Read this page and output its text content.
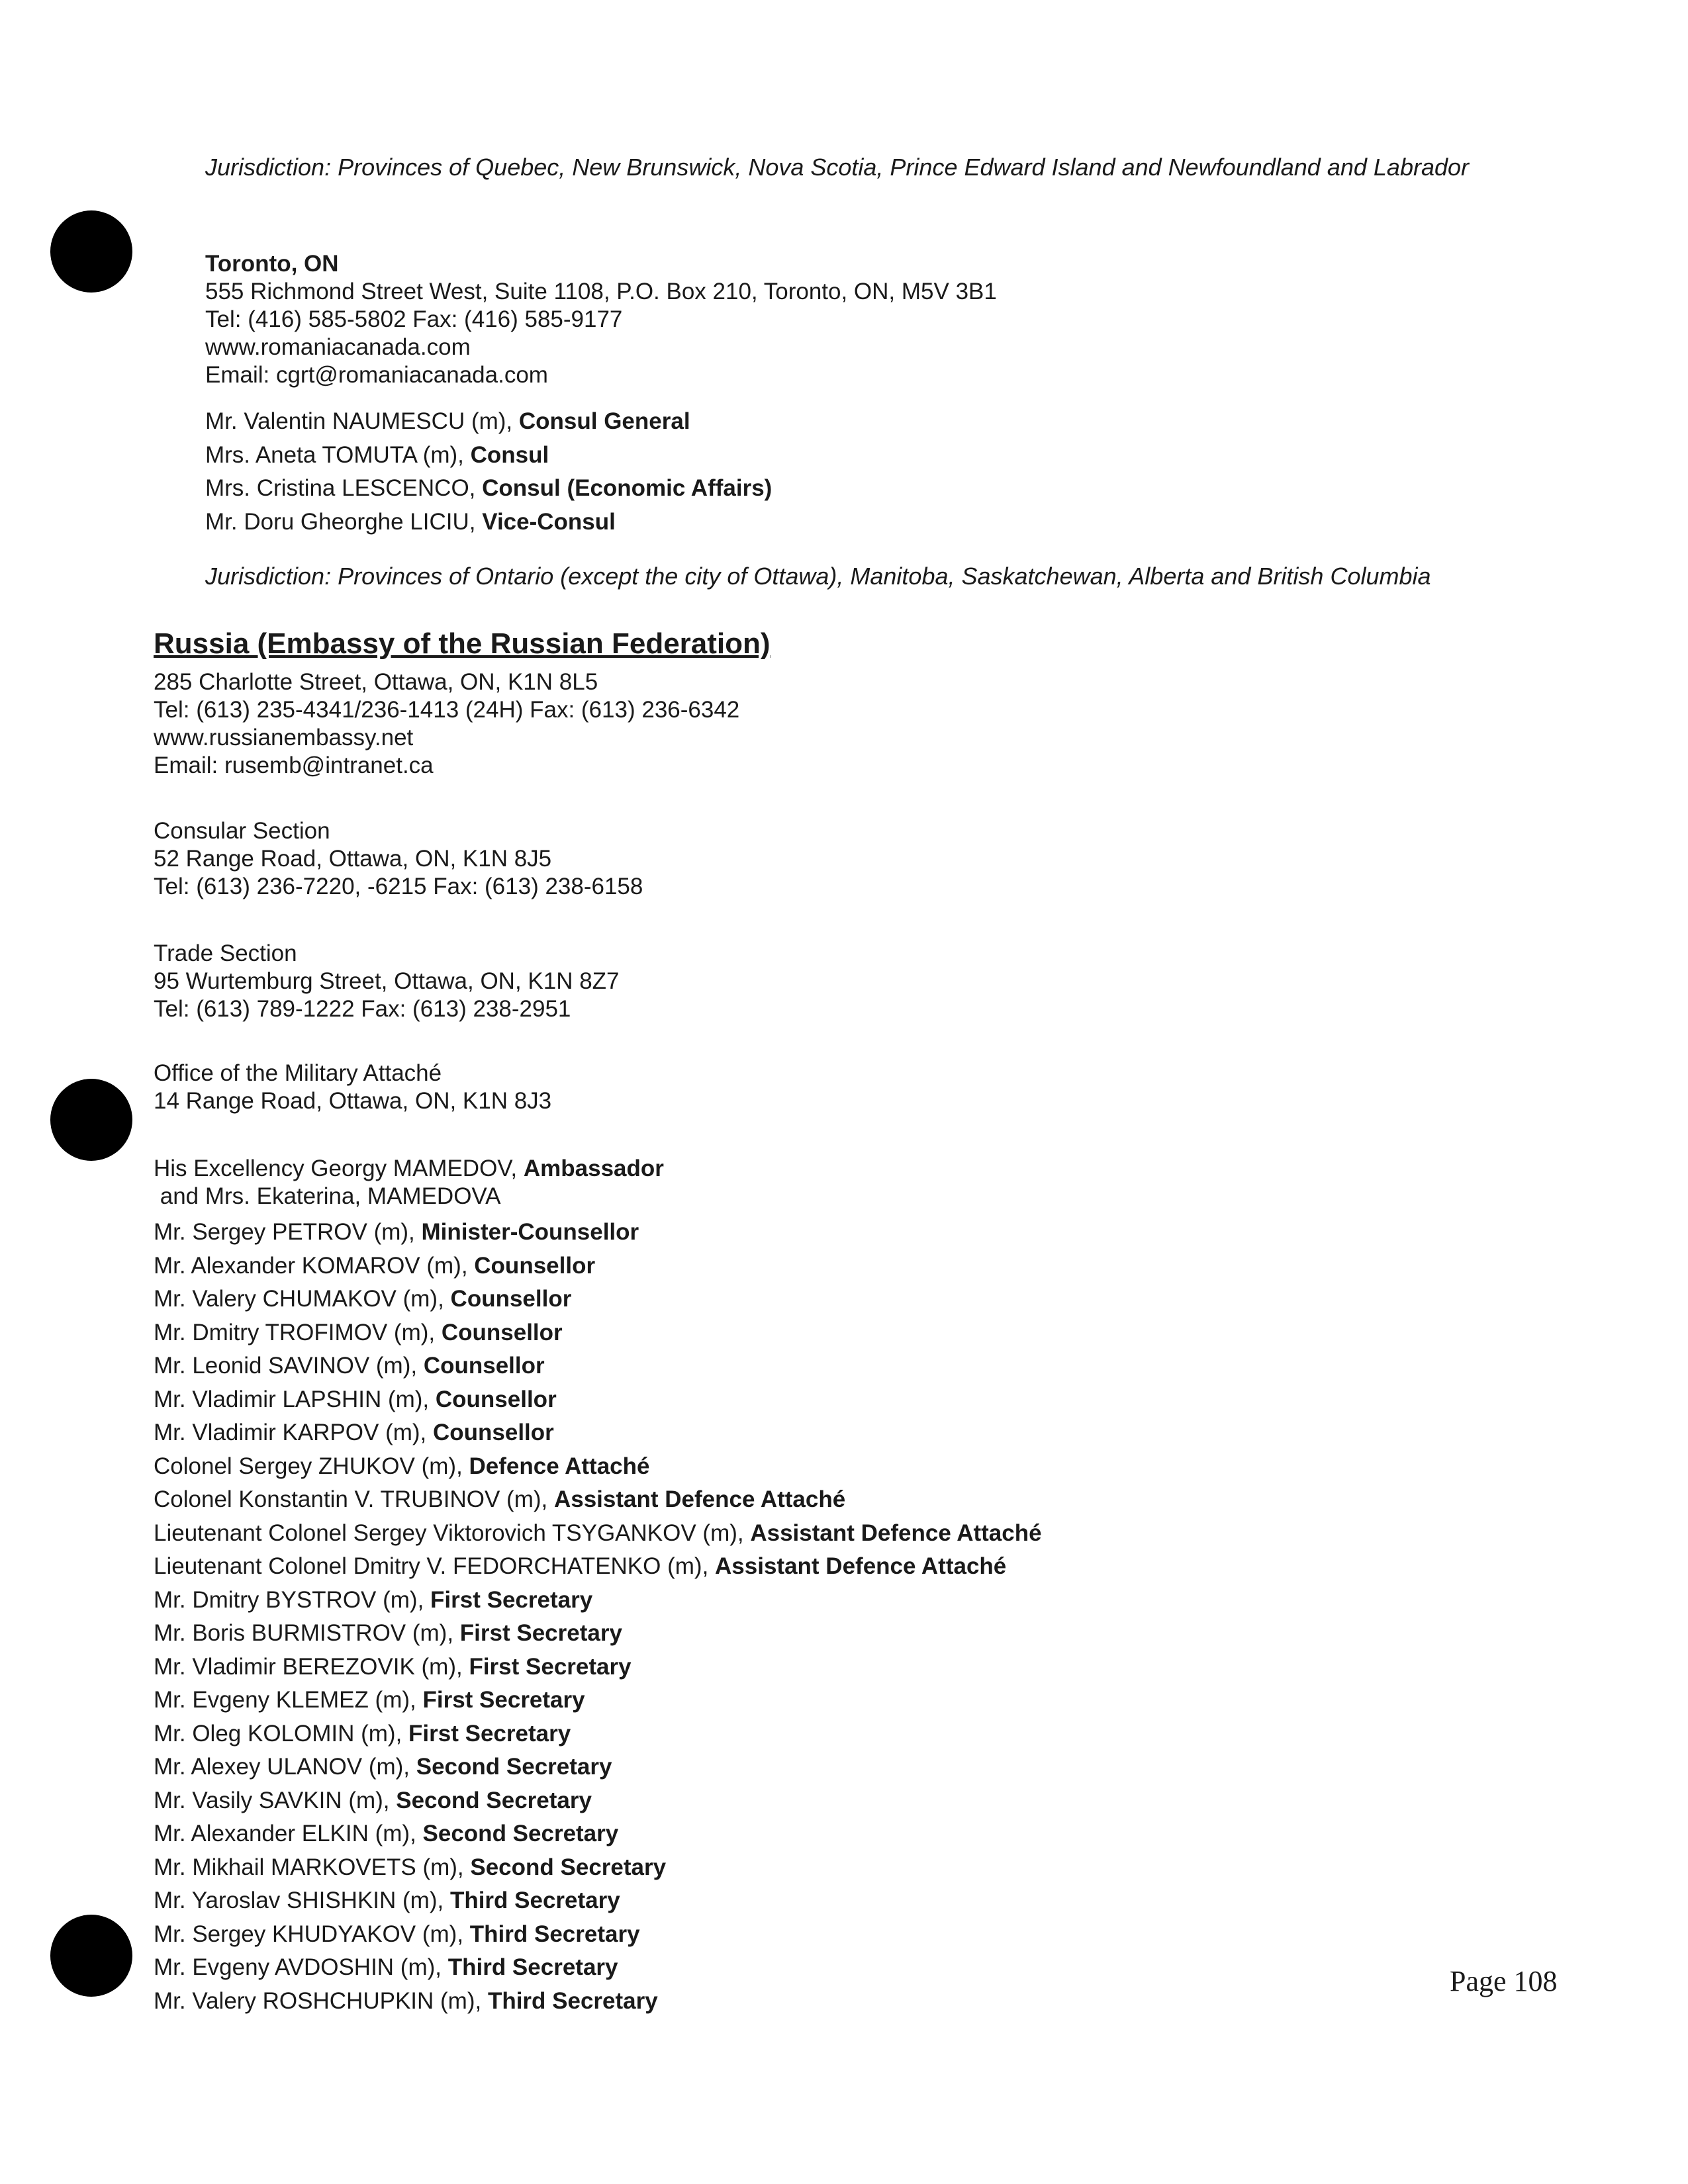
Jurisdiction: Provinces of Quebec, New Brunswick, Nova Scotia, Prince Edward Island and Newfoundland and Labrador
Toronto, ON
555 Richmond Street West, Suite 1108, P.O. Box 210, Toronto, ON, M5V 3B1
Tel: (416) 585-5802 Fax: (416) 585-9177
www.romaniacanada.com
Email: cgrt@romaniacanada.com
Mr. Valentin NAUMESCU (m), Consul General
Mrs. Aneta TOMUTA (m), Consul
Mrs. Cristina LESCENCO, Consul (Economic Affairs)
Mr. Doru Gheorghe LICIU, Vice-Consul
Jurisdiction: Provinces of Ontario (except the city of Ottawa), Manitoba, Saskatchewan, Alberta and British Columbia
Russia (Embassy of the Russian Federation)
285 Charlotte Street, Ottawa, ON, K1N 8L5
Tel: (613) 235-4341/236-1413 (24H) Fax: (613) 236-6342
www.russianembassy.net
Email: rusemb@intranet.ca
Consular Section
52 Range Road, Ottawa, ON, K1N 8J5
Tel: (613) 236-7220, -6215 Fax: (613) 238-6158
Trade Section
95 Wurtemburg Street, Ottawa, ON, K1N 8Z7
Tel: (613) 789-1222 Fax: (613) 238-2951
Office of the Military Attaché
14 Range Road, Ottawa, ON, K1N 8J3
His Excellency Georgy MAMEDOV, Ambassador
and Mrs. Ekaterina, MAMEDOVA
Mr. Sergey PETROV (m), Minister-Counsellor
Mr. Alexander KOMAROV (m), Counsellor
Mr. Valery CHUMAKOV (m), Counsellor
Mr. Dmitry TROFIMOV (m), Counsellor
Mr. Leonid SAVINOV (m), Counsellor
Mr. Vladimir LAPSHIN (m), Counsellor
Mr. Vladimir KARPOV (m), Counsellor
Colonel Sergey ZHUKOV (m), Defence Attaché
Colonel Konstantin V. TRUBINOV (m), Assistant Defence Attaché
Lieutenant Colonel Sergey Viktorovich TSYGANKOV (m), Assistant Defence Attaché
Lieutenant Colonel Dmitry V. FEDORCHATENKO (m), Assistant Defence Attaché
Mr. Dmitry BYSTROV (m), First Secretary
Mr. Boris BURMISTROV (m), First Secretary
Mr. Vladimir BEREZOVIK (m), First Secretary
Mr. Evgeny KLEMEZ (m), First Secretary
Mr. Oleg KOLOMIN (m), First Secretary
Mr. Alexey ULANOV (m), Second Secretary
Mr. Vasily SAVKIN (m), Second Secretary
Mr. Alexander ELKIN (m), Second Secretary
Mr. Mikhail MARKOVETS (m), Second Secretary
Mr. Yaroslav SHISHKIN (m), Third Secretary
Mr. Sergey KHUDYAKOV (m), Third Secretary
Mr. Evgeny AVDOSHIN (m), Third Secretary
Mr. Valery ROSHCHUPKIN (m), Third Secretary
Page 108
